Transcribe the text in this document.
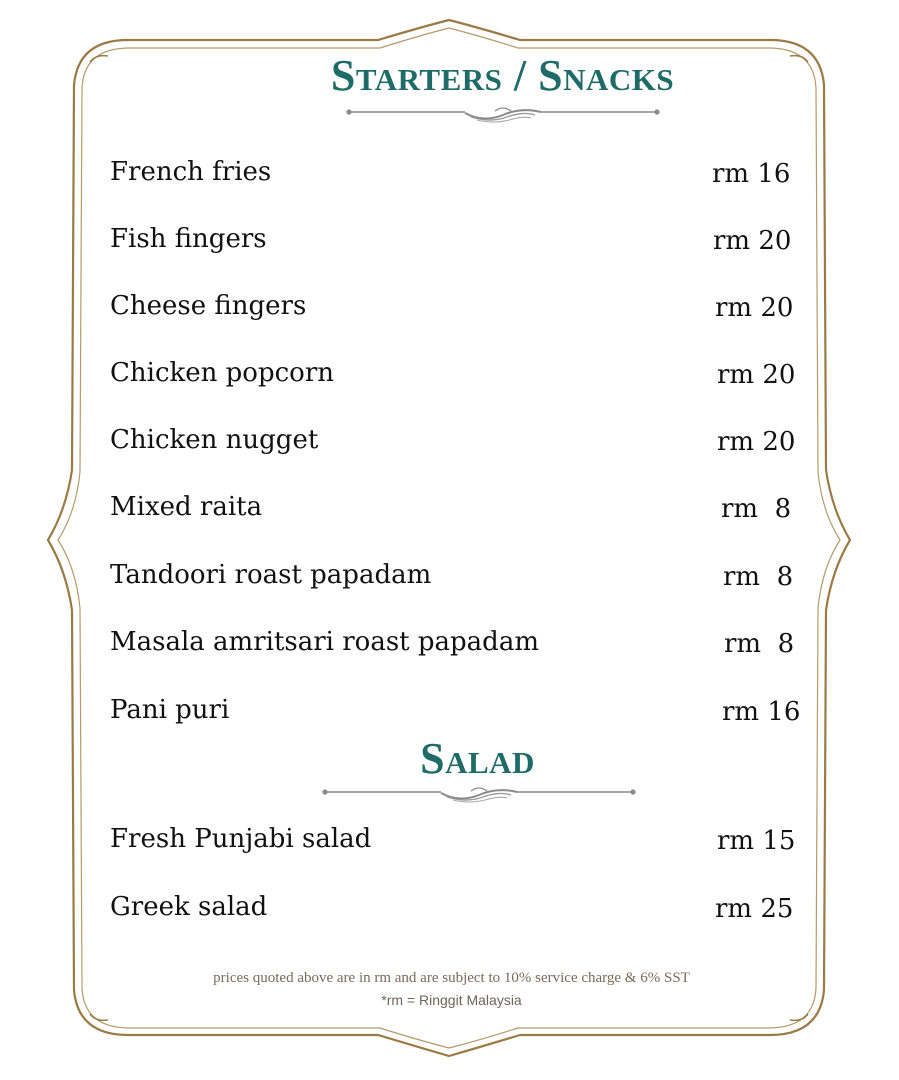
Starters / Snacks
French fries	rm 16
Fish fingers	rm 20
Cheese fingers	rm 20
Chicken popcorn	rm 20
Chicken nugget	rm 20
Mixed raita	rm  8
Tandoori roast papadam	rm  8
Masala amritsari roast papadam	rm  8
Pani puri	rm 16
Salad
Fresh Punjabi salad	rm 15
Greek salad	rm 25

prices quoted above are in rm and are subject to 10% service charge & 6% SST

*rm = Ringgit Malaysia
